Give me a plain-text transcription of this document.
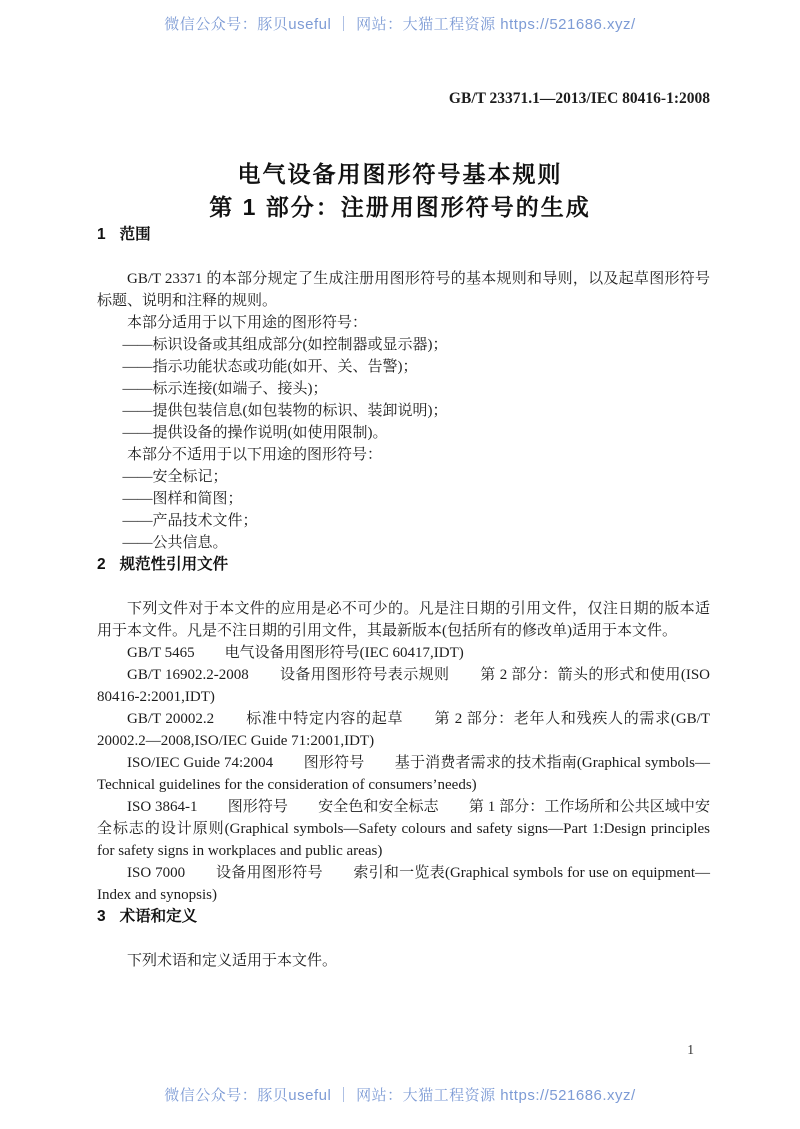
微信公众号：豚贝useful ｜ 网站：大猫工程资源 https://521686.xyz/
GB/T 23371.1—2013/IEC 80416-1:2008
电气设备用图形符号基本规则
第 1 部分：注册用图形符号的生成
1 范围

GB/T 23371 的本部分规定了生成注册用图形符号的基本规则和导则，以及起草图形符号标题、说明和注释的规则。

本部分适用于以下用途的图形符号：

——标识设备或其组成部分(如控制器或显示器)；

——指示功能状态或功能(如开、关、告警)；

——标示连接(如端子、接头)；

——提供包装信息(如包装物的标识、装卸说明)；

——提供设备的操作说明(如使用限制)。

本部分不适用于以下用途的图形符号：

——安全标记；

——图样和简图；

——产品技术文件；

——公共信息。

2 规范性引用文件

下列文件对于本文件的应用是必不可少的。凡是注日期的引用文件，仅注日期的版本适用于本文件。凡是不注日期的引用文件，其最新版本(包括所有的修改单)适用于本文件。

GB/T 5465　　电气设备用图形符号(IEC 60417,IDT)

GB/T 16902.2-2008　　设备用图形符号表示规则　　第 2 部分：箭头的形式和使用(ISO 80416-2:2001,IDT)

GB/T 20002.2　　标准中特定内容的起草　　第 2 部分：老年人和残疾人的需求(GB/T 20002.2—2008,ISO/IEC Guide 71:2001,IDT)

ISO/IEC Guide 74:2004　　图形符号　　基于消费者需求的技术指南(Graphical symbols—Technical guidelines for the consideration of consumers’needs)

ISO 3864-1　　图形符号　　安全色和安全标志　　第 1 部分：工作场所和公共区域中安全标志的设计原则(Graphical symbols—Safety colours and safety signs—Part 1:Design principles for safety signs in workplaces and public areas)

ISO 7000　　设备用图形符号　　索引和一览表(Graphical symbols for use on equipment—Index and synopsis)

3 术语和定义

下列术语和定义适用于本文件。

1
微信公众号：豚贝useful ｜ 网站：大猫工程资源 https://521686.xyz/
